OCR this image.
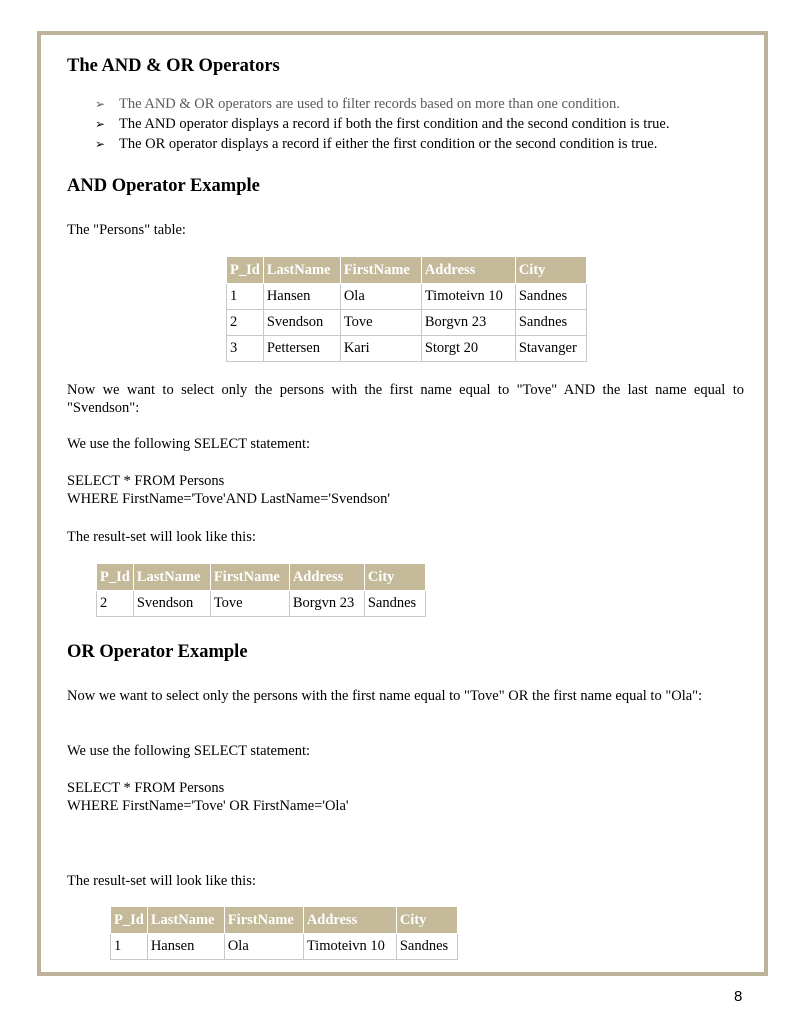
The AND & OR Operators
➢ The AND & OR operators are used to filter records based on more than one condition.
➢ The AND operator displays a record if both the first condition and the second condition is true.
➢ The OR operator displays a record if either the first condition or the second condition is true.
AND Operator Example

The "Persons" table:

P_Id	LastName	FirstName	Address	City
1	Hansen	Ola	Timoteivn 10	Sandnes
2	Svendson	Tove	Borgvn 23	Sandnes
3	Pettersen	Kari	Storgt 20	Stavanger

Now we want to select only the persons with the first name equal to "Tove" AND the last name equal to "Svendson":

We use the following SELECT statement:

SELECT * FROM Persons

WHERE FirstName='Tove'AND LastName='Svendson'

The result-set will look like this:

P_Id	LastName	FirstName	Address	City
2	Svendson	Tove	Borgvn 23	Sandnes
OR Operator Example

Now we want to select only the persons with the first name equal to "Tove" OR the first name equal to "Ola":

We use the following SELECT statement:

SELECT * FROM Persons

WHERE FirstName='Tove' OR FirstName='Ola'

The result-set will look like this:

P_Id	LastName	FirstName	Address	City
1	Hansen	Ola	Timoteivn 10	Sandnes
8
